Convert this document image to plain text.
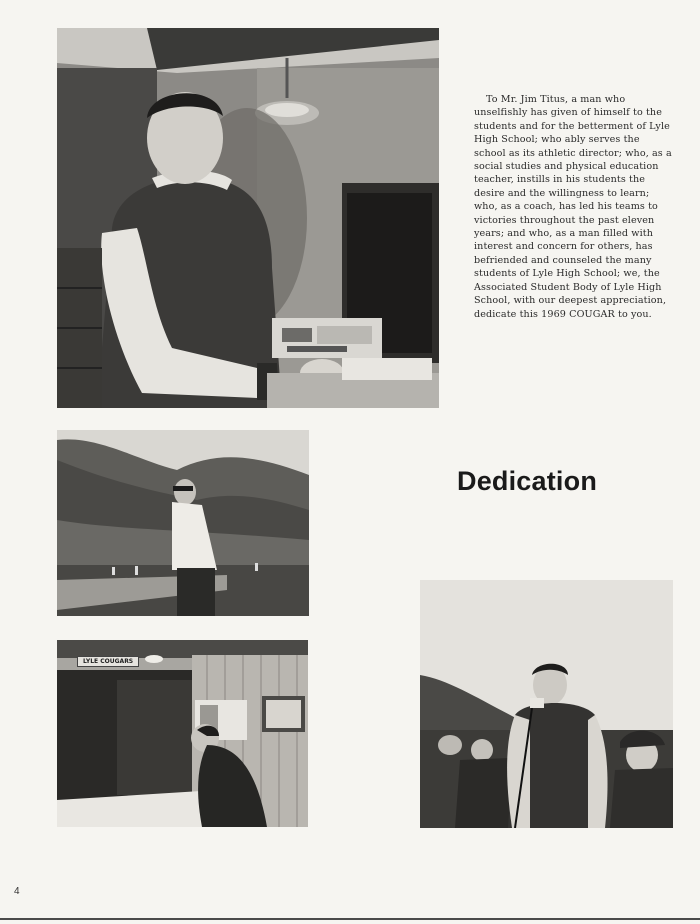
LYLE COUGARS

To Mr. Jim Titus, a man who unselfishly has given of himself to the students and for the betterment of Lyle High School; who ably serves the school as its athletic director; who, as a social studies and physical education teacher, instills in his students the desire and the willingness to learn; who, as a coach, has led his teams to victories throughout the past eleven years; and who, as a man filled with interest and concern for others, has befriended and counseled the many students of Lyle High School; we, the Associated Student Body of Lyle High School, with our deepest appreciation, dedicate this 1969 COUGAR to you.

Dedication
4
